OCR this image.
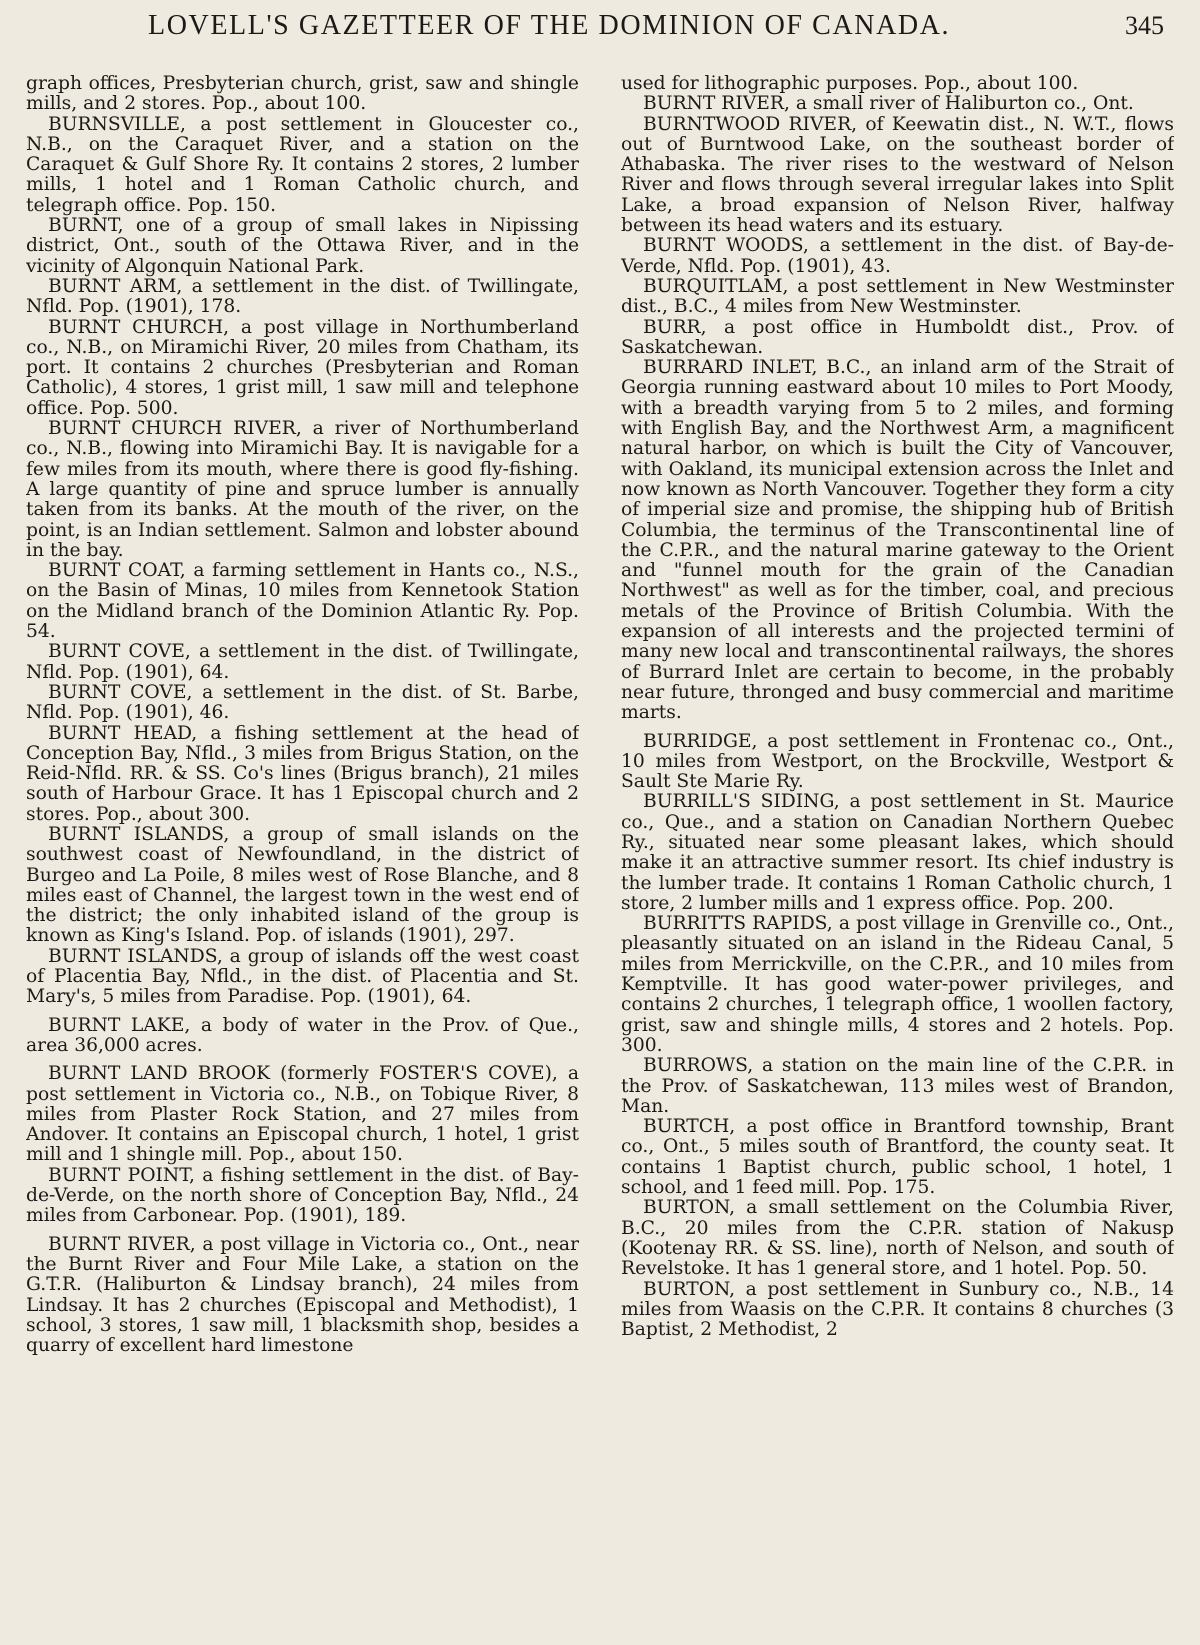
LOVELL'S GAZETTEER OF THE DOMINION OF CANADA.	345

graph offices, Presbyterian church, grist, saw and shingle mills, and 2 stores. Pop., about 100.

BURNSVILLE, a post settlement in Gloucester co., N.B., on the Caraquet River, and a station on the Caraquet & Gulf Shore Ry. It contains 2 stores, 2 lumber mills, 1 hotel and 1 Roman Catholic church, and telegraph office. Pop. 150.

BURNT, one of a group of small lakes in Nipissing district, Ont., south of the Ottawa River, and in the vicinity of Algonquin National Park.

BURNT ARM, a settlement in the dist. of Twillingate, Nfld. Pop. (1901), 178.

BURNT CHURCH, a post village in Northumberland co., N.B., on Miramichi River, 20 miles from Chatham, its port. It contains 2 churches (Presbyterian and Roman Catholic), 4 stores, 1 grist mill, 1 saw mill and telephone office. Pop. 500.

BURNT CHURCH RIVER, a river of Northumberland co., N.B., flowing into Miramichi Bay. It is navigable for a few miles from its mouth, where there is good fly-fishing. A large quantity of pine and spruce lumber is annually taken from its banks. At the mouth of the river, on the point, is an Indian settlement. Salmon and lobster abound in the bay.

BURNT COAT, a farming settlement in Hants co., N.S., on the Basin of Minas, 10 miles from Kennetook Station on the Midland branch of the Dominion Atlantic Ry. Pop. 54.

BURNT COVE, a settlement in the dist. of Twillingate, Nfld. Pop. (1901), 64.

BURNT COVE, a settlement in the dist. of St. Barbe, Nfld. Pop. (1901), 46.

BURNT HEAD, a fishing settlement at the head of Conception Bay, Nfld., 3 miles from Brigus Station, on the Reid-Nfld. RR. & SS. Co's lines (Brigus branch), 21 miles south of Harbour Grace. It has 1 Episcopal church and 2 stores. Pop., about 300.

BURNT ISLANDS, a group of small islands on the southwest coast of Newfoundland, in the district of Burgeo and La Poile, 8 miles west of Rose Blanche, and 8 miles east of Channel, the largest town in the west end of the district; the only inhabited island of the group is known as King's Island. Pop. of islands (1901), 297.

BURNT ISLANDS, a group of islands off the west coast of Placentia Bay, Nfld., in the dist. of Placentia and St. Mary's, 5 miles from Paradise. Pop. (1901), 64.

BURNT LAKE, a body of water in the Prov. of Que., area 36,000 acres.

BURNT LAND BROOK (formerly FOSTER'S COVE), a post settlement in Victoria co., N.B., on Tobique River, 8 miles from Plaster Rock Station, and 27 miles from Andover. It contains an Episcopal church, 1 hotel, 1 grist mill and 1 shingle mill. Pop., about 150.

BURNT POINT, a fishing settlement in the dist. of Bay-de-Verde, on the north shore of Conception Bay, Nfld., 24 miles from Carbonear. Pop. (1901), 189.

BURNT RIVER, a post village in Victoria co., Ont., near the Burnt River and Four Mile Lake, a station on the G.T.R. (Haliburton & Lindsay branch), 24 miles from Lindsay. It has 2 churches (Episcopal and Methodist), 1 school, 3 stores, 1 saw mill, 1 blacksmith shop, besides a quarry of excellent hard limestone

used for lithographic purposes. Pop., about 100.

BURNT RIVER, a small river of Haliburton co., Ont.

BURNTWOOD RIVER, of Keewatin dist., N. W.T., flows out of Burntwood Lake, on the southeast border of Athabaska. The river rises to the westward of Nelson River and flows through several irregular lakes into Split Lake, a broad expansion of Nelson River, halfway between its head waters and its estuary.

BURNT WOODS, a settlement in the dist. of Bay-de-Verde, Nfld. Pop. (1901), 43.

BURQUITLAM, a post settlement in New Westminster dist., B.C., 4 miles from New Westminster.

BURR, a post office in Humboldt dist., Prov. of Saskatchewan.

BURRARD INLET, B.C., an inland arm of the Strait of Georgia running eastward about 10 miles to Port Moody, with a breadth varying from 5 to 2 miles, and forming with English Bay, and the Northwest Arm, a magnificent natural harbor, on which is built the City of Vancouver, with Oakland, its municipal extension across the Inlet and now known as North Vancouver. Together they form a city of imperial size and promise, the shipping hub of British Columbia, the terminus of the Transcontinental line of the C.P.R., and the natural marine gateway to the Orient and "funnel mouth for the grain of the Canadian Northwest" as well as for the timber, coal, and precious metals of the Province of British Columbia. With the expansion of all interests and the projected termini of many new local and transcontinental railways, the shores of Burrard Inlet are certain to become, in the probably near future, thronged and busy commercial and maritime marts.

BURRIDGE, a post settlement in Frontenac co., Ont., 10 miles from Westport, on the Brockville, Westport & Sault Ste Marie Ry.

BURRILL'S SIDING, a post settlement in St. Maurice co., Que., and a station on Canadian Northern Quebec Ry., situated near some pleasant lakes, which should make it an attractive summer resort. Its chief industry is the lumber trade. It contains 1 Roman Catholic church, 1 store, 2 lumber mills and 1 express office. Pop. 200.

BURRITTS RAPIDS, a post village in Grenville co., Ont., pleasantly situated on an island in the Rideau Canal, 5 miles from Merrickville, on the C.P.R., and 10 miles from Kemptville. It has good water-power privileges, and contains 2 churches, 1 telegraph office, 1 woollen factory, grist, saw and shingle mills, 4 stores and 2 hotels. Pop. 300.

BURROWS, a station on the main line of the C.P.R. in the Prov. of Saskatchewan, 113 miles west of Brandon, Man.

BURTCH, a post office in Brantford township, Brant co., Ont., 5 miles south of Brantford, the county seat. It contains 1 Baptist church, public school, 1 hotel, 1 school, and 1 feed mill. Pop. 175.

BURTON, a small settlement on the Columbia River, B.C., 20 miles from the C.P.R. station of Nakusp (Kootenay RR. & SS. line), north of Nelson, and south of Revelstoke. It has 1 general store, and 1 hotel. Pop. 50.

BURTON, a post settlement in Sunbury co., N.B., 14 miles from Waasis on the C.P.R. It contains 8 churches (3 Baptist, 2 Methodist, 2
